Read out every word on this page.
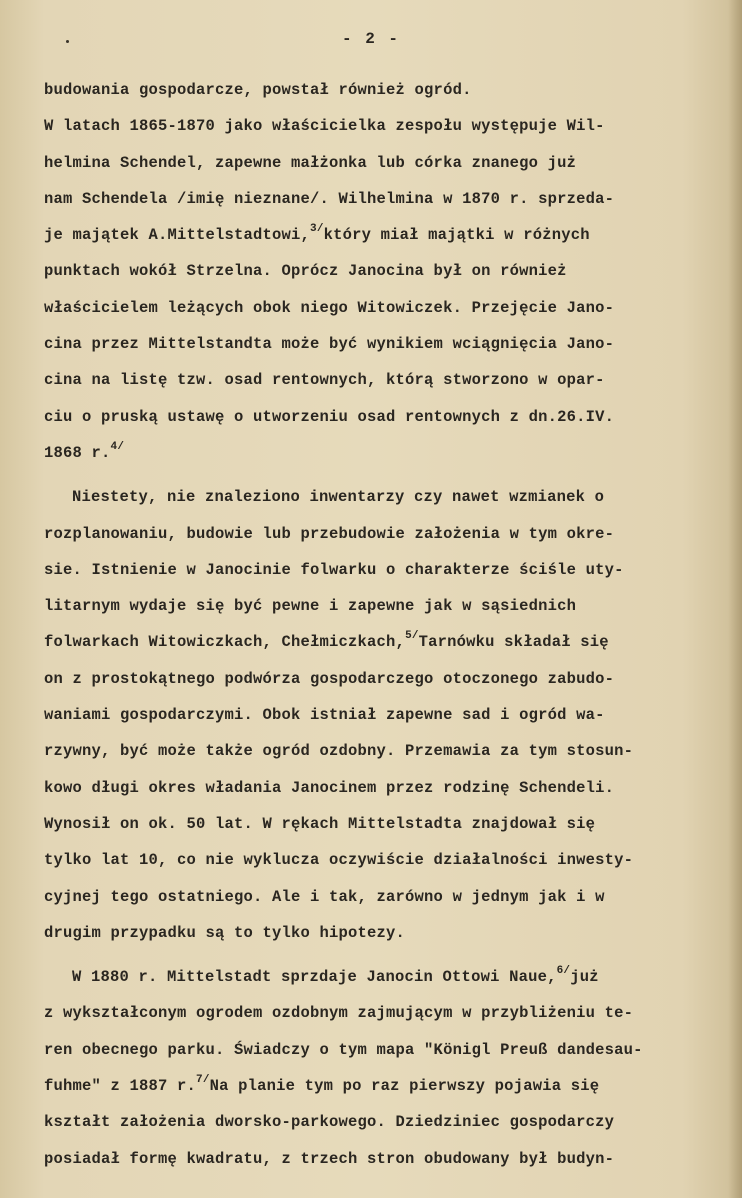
- 2 -
budowania gospodarcze, powstał również ogród.
W latach 1865-1870 jako właścicielka zespołu występuje Wil-
helmina Schendel, zapewne małżonka lub córka znanego już
nam Schendela /imię nieznane/. Wilhelmina w 1870 r. sprzeda-
je majątek A.Mittelstadtowi,$^{3/}$który miał majątki w różnych
punktach wokół Strzelna. Oprócz Janocina był on również
właścicielem leżących obok niego Witowiczek. Przejęcie Jano-
cina przez Mittelstandta może być wynikiem wciągnięcia Jano-
cina na listę tzw. osad rentownych, którą stworzono w opar-
ciu o pruską ustawę o utworzeniu osad rentownych z dn.26.IV.
1868 r.$^{4/}$
Niestety, nie znaleziono inwentarzy czy nawet wzmianek o
rozplanowaniu, budowie lub przebudowie założenia w tym okre-
sie. Istnienie w Janocinie folwarku o charakterze ściśle uty-
litarnym wydaje się być pewne i zapewne jak w sąsiednich
folwarkach Witowiczkach, Chełmiczkach,$^{5/}$Tarnówku składał się
on z prostokątnego podwórza gospodarczego otoczonego zabudo-
waniami gospodarczymi. Obok istniał zapewne sad i ogród wa-
rzywny, być może także ogród ozdobny. Przemawia za tym stosun-
kowo długi okres władania Janocinem przez rodzinę Schendeli.
Wynosił on ok. 50 lat. W rękach Mittelstadta znajdował się
tylko lat 10, co nie wyklucza oczywiście działalności inwesty-
cyjnej tego ostatniego. Ale i tak, zarówno w jednym jak i w
drugim przypadku są to tylko hipotezy.
W 1880 r. Mittelstadt sprzdaje Janocin Ottowi Naue,$^{6/}$już
z wykształconym ogrodem ozdobnym zajmującym w przybliżeniu te-
ren obecnego parku. Świadczy o tym mapa "Königl Preuß dandesau-
fuhme" z 1887 r.$^{7/}$Na planie tym po raz pierwszy pojawia się
kształt założenia dworsko-parkowego. Dziedziniec gospodarczy
posiadał formę kwadratu, z trzech stron obudowany był budyn-
